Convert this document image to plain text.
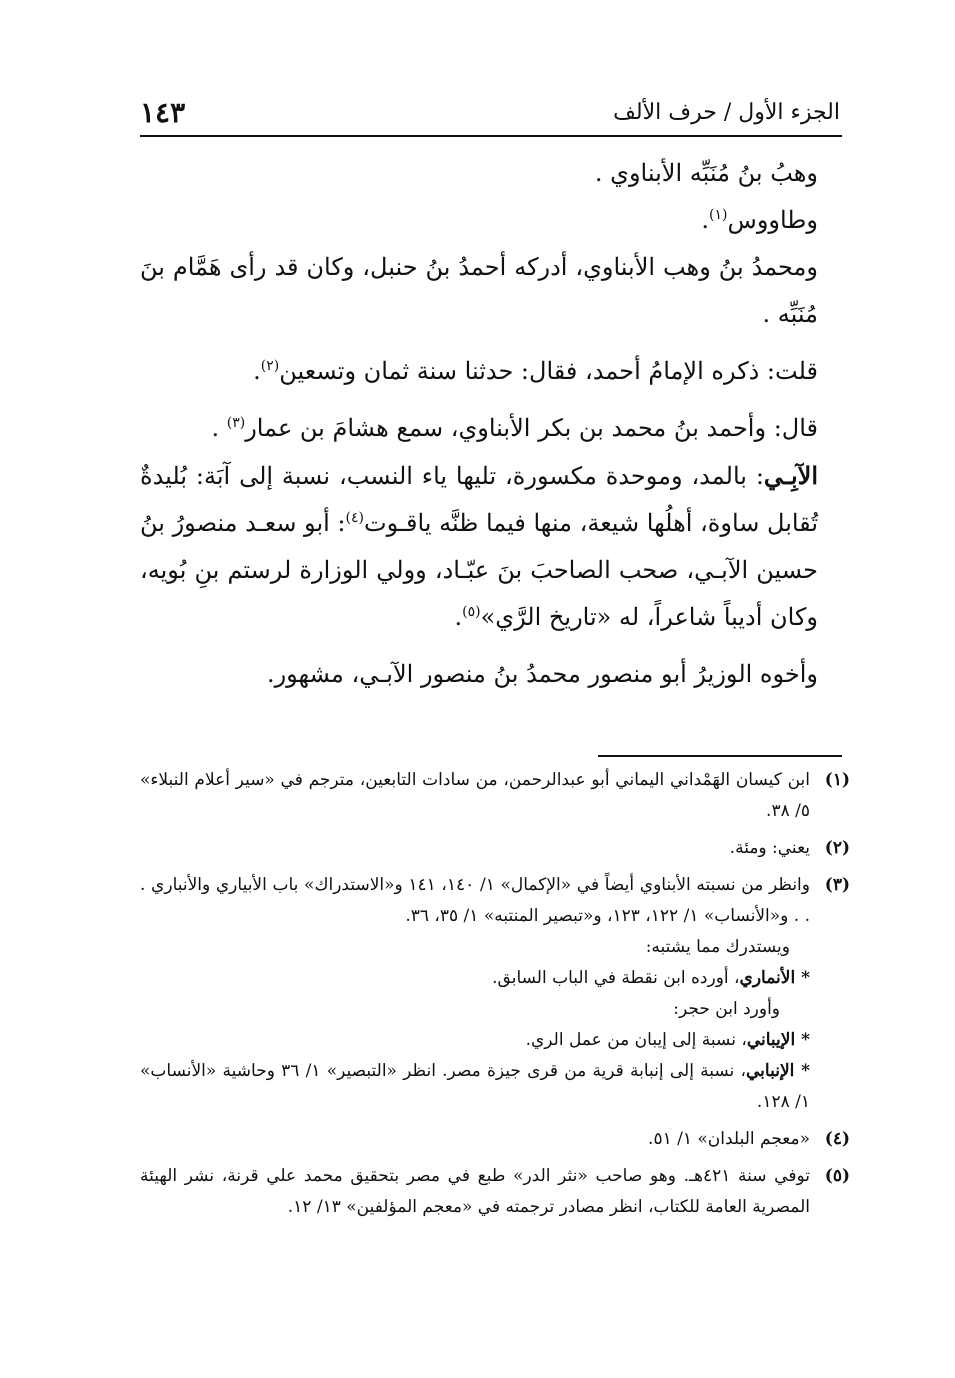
الجزء الأول / حرف الألف
١٤٣

وهبُ بنُ مُنَبِّه الأبناوي .

وطاووس$^{(١)}$.

ومحمدُ بنُ وهب الأبناوي، أدركه أحمدُ بنُ حنبل، وكان قد رأى هَمَّام بنَ مُنَبِّه .

قلت: ذكره الإمامُ أحمد، فقال: حدثنا سنة ثمان وتسعين$^{(٢)}$.

قال: وأحمد بنُ محمد بن بكر الأبناوي، سمع هشامَ بن عمار$^{(٣)}$ .

الآبِـي: بالمد، وموحدة مكسورة، تليها ياء النسب، نسبة إلى آبَة: بُليدةٌ تُقابل ساوة، أهلُها شيعة، منها فيما ظنَّه ياقـوت$^{(٤)}$: أبو سعـد منصورُ بنُ حسين الآبـي، صحب الصاحبَ بنَ عبّـاد، وولي الوزارة لرستم بنِ بُويه، وكان أديباً شاعراً، له «تاريخ الرَّي»$^{(٥)}$.

وأخوه الوزيرُ أبو منصور محمدُ بنُ منصور الآبـي، مشهور.

(١)

ابن كيسان الهَمْداني اليماني أبو عبدالرحمن، من سادات التابعين، مترجم في «سير أعلام النبلاء» ٥/ ٣٨.

(٢)

يعني: ومئة.

(٣)

وانظر من نسبته الأبناوي أيضاً في «الإكمال» ١/ ١٤٠، ١٤١ و«الاستدراك» باب الأبياري والأنباري . . . و«الأنساب» ١/ ١٢٢، ١٢٣، و«تبصير المنتبه» ١/ ٣٥، ٣٦.

ويستدرك مما يشتبه:

* الأنماري، أورده ابن نقطة في الباب السابق.

وأورد ابن حجر:

* الإيباني، نسبة إلى إيبان من عمل الري.

* الإنبابي، نسبة إلى إنبابة قرية من قرى جيزة مصر. انظر «التبصير» ١/ ٣٦ وحاشية «الأنساب» ١/ ١٢٨.

(٤)

«معجم البلدان» ١/ ٥١.

(٥)

توفي سنة ٤٢١هـ. وهو صاحب «نثر الدر» طبع في مصر بتحقيق محمد علي قرنة، نشر الهيئة المصرية العامة للكتاب، انظر مصادر ترجمته في «معجم المؤلفين» ١٣/ ١٢.
